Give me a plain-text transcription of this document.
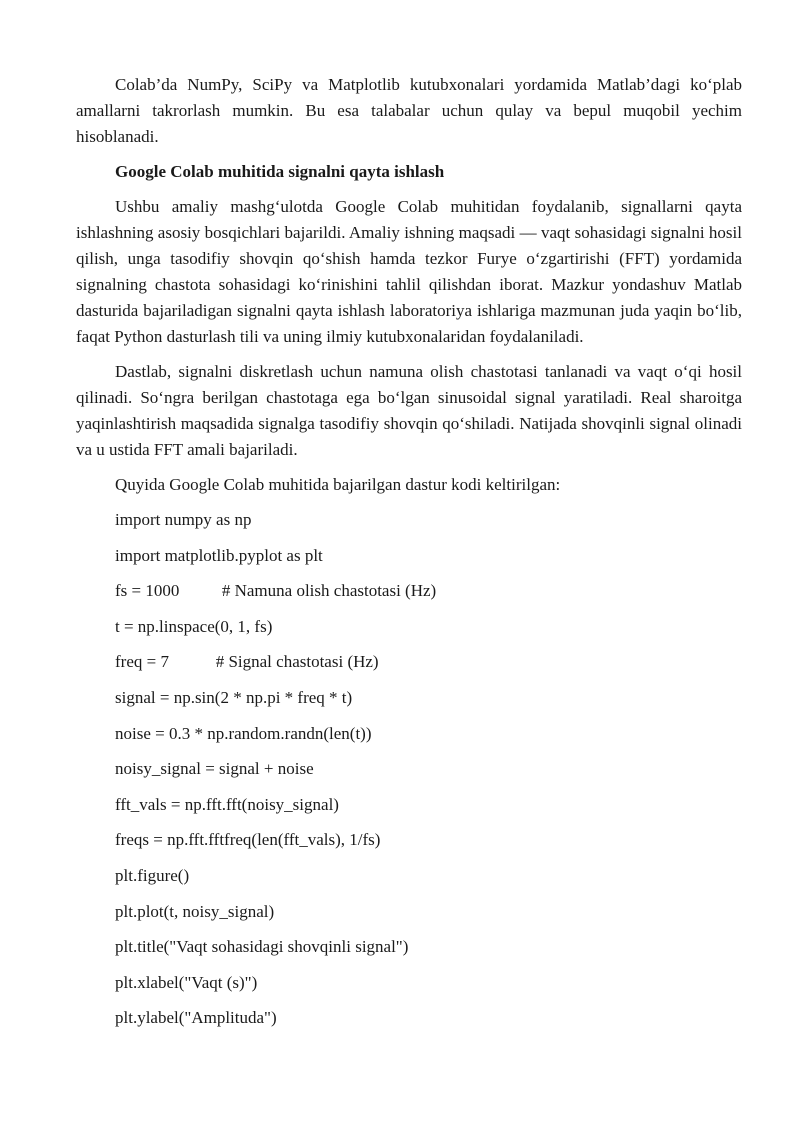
Colab’da NumPy, SciPy va Matplotlib kutubxonalari yordamida Matlab’dagi ko‘plab amallarni takrorlash mumkin. Bu esa talabalar uchun qulay va bepul muqobil yechim hisoblanadi.

Google Colab muhitida signalni qayta ishlash

Ushbu amaliy mashg‘ulotda Google Colab muhitidan foydalanib, signallarni qayta ishlashning asosiy bosqichlari bajarildi. Amaliy ishning maqsadi — vaqt sohasidagi signalni hosil qilish, unga tasodifiy shovqin qo‘shish hamda tezkor Furye o‘zgartirishi (FFT) yordamida signalning chastota sohasidagi ko‘rinishini tahlil qilishdan iborat. Mazkur yondashuv Matlab dasturida bajariladigan signalni qayta ishlash laboratoriya ishlariga mazmunan juda yaqin bo‘lib, faqat Python dasturlash tili va uning ilmiy kutubxonalaridan foydalaniladi.

Dastlab, signalni diskretlash uchun namuna olish chastotasi tanlanadi va vaqt o‘qi hosil qilinadi. So‘ngra berilgan chastotaga ega bo‘lgan sinusoidal signal yaratiladi. Real sharoitga yaqinlashtirish maqsadida signalga tasodifiy shovqin qo‘shiladi. Natijada shovqinli signal olinadi va u ustida FFT amali bajariladi.

Quyida Google Colab muhitida bajarilgan dastur kodi keltirilgan:

import numpy as np
import matplotlib.pyplot as plt
fs = 1000          # Namuna olish chastotasi (Hz)
t = np.linspace(0, 1, fs)
freq = 7           # Signal chastotasi (Hz)
signal = np.sin(2 * np.pi * freq * t)
noise = 0.3 * np.random.randn(len(t))
noisy_signal = signal + noise
fft_vals = np.fft.fft(noisy_signal)
freqs = np.fft.fftfreq(len(fft_vals), 1/fs)
plt.figure()
plt.plot(t, noisy_signal)
plt.title("Vaqt sohasidagi shovqinli signal")
plt.xlabel("Vaqt (s)")
plt.ylabel("Amplituda")
